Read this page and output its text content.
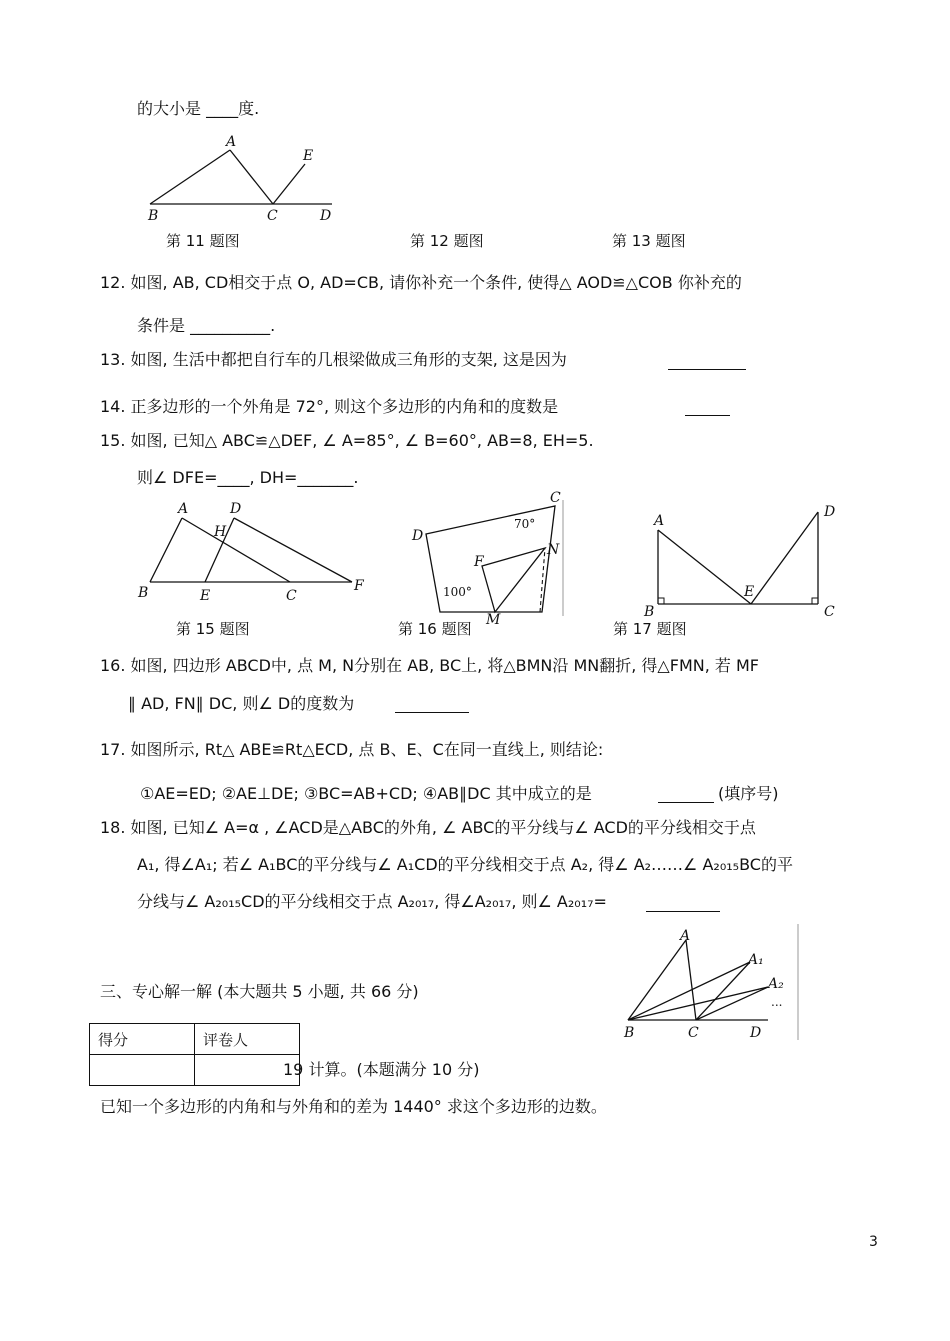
的大小是 ____度.
A
B	C	D
E
第 11 题图	第 12 题图	第 13 题图
12. 如图, AB, CD相交于点 O, AD=CB, 请你补充一个条件, 使得△ AOD≌△COB 你补充的
条件是 __________.
13. 如图, 生活中都把自行车的几根梁做成三角形的支架, 这是因为
14. 正多边形的一个外角是 72°, 则这个多边形的内角和的度数是
15. 如图, 已知△ ABC≌△DEF, ∠ A=85°, ∠ B=60°, AB=8, EH=5.
则∠ DFE=____, DH=_______.
A	D
H
B	E	C
F
C
D
70°
N
F
100°
M
A
D
E
B	C
第 15 题图	第 16 题图	第 17 题图
16. 如图, 四边形 ABCD中, 点 M, N分别在 AB, BC上, 将△BMN沿 MN翻折, 得△FMN, 若 MF
∥ AD, FN∥ DC, 则∠ D的度数为
17. 如图所示, Rt△ ABE≌Rt△ECD, 点 B、E、C在同一直线上, 则结论:
①AE=ED; ②AE⊥DE; ③BC=AB+CD; ④AB∥DC 其中成立的是	(填序号)
18. 如图, 已知∠ A=α , ∠ACD是△ABC的外角, ∠ ABC的平分线与∠ ACD的平分线相交于点
A₁, 得∠A₁; 若∠ A₁BC的平分线与∠ A₁CD的平分线相交于点 A₂, 得∠ A₂……∠ A₂₀₁₅BC的平
分线与∠ A₂₀₁₅CD的平分线相交于点 A₂₀₁₇, 得∠A₂₀₁₇, 则∠ A₂₀₁₇=
A
A₁
A₂
...
B	C	D
三、专心解一解 (本大题共 5 小题, 共 66 分)
得分	评卷人

19 计算。(本题满分 10 分)
已知一个多边形的内角和与外角和的差为 1440° 求这个多边形的边数。
3
